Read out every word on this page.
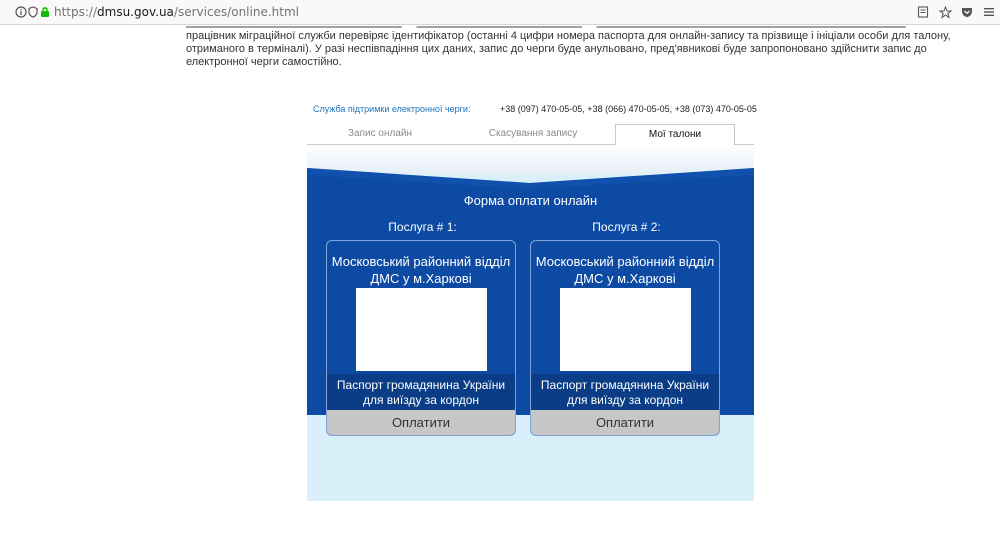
https://dmsu.gov.ua/services/online.html
працівник міграційної служби перевіряє ідентифікатор (останні 4 цифри номера паспорта для онлайн-запису та прізвище і ініціали особи для талону,
отриманого в терміналі). У разі неспівпадіння цих даних, запис до черги буде анульовано, пред'явникові буде запропоновано здійснити запис до
електронної черги самостійно.
Служба підтримки електронної черги:	+38 (097) 470-05-05, +38 (066) 470-05-05, +38 (073) 470-05-05
Запис онлайн	Скасування запису	Мої талони
Форма оплати онлайн
Послуга # 1:	Послуга # 2:
Московський районний відділ
ДМС у м.Харкові
Паспорт громадянина України
для виїзду за кордон
Оплатити
Московський районний відділ
ДМС у м.Харкові
Паспорт громадянина України
для виїзду за кордон
Оплатити
